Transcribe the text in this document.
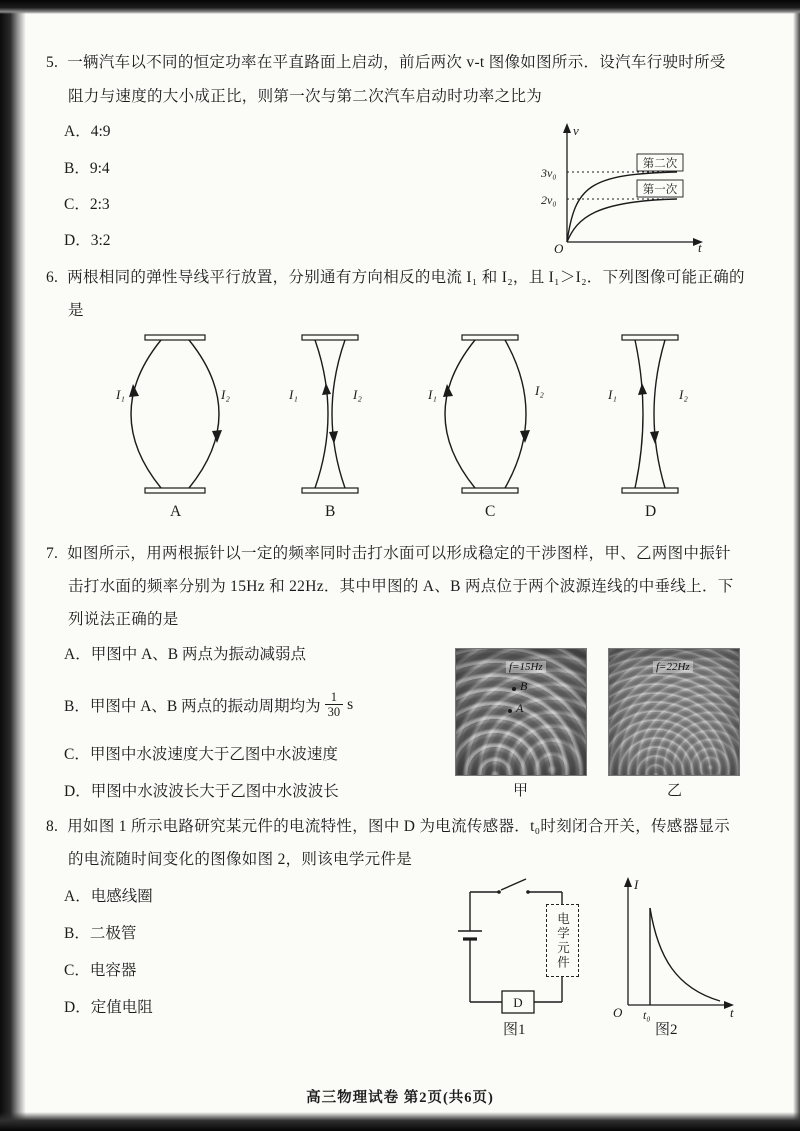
5. 一辆汽车以不同的恒定功率在平直路面上启动，前后两次 v-t 图像如图所示．设汽车行驶时所受
阻力与速度的大小成正比，则第一次与第二次汽车启动时功率之比为
A．4:9
B．9:4
C．2:3
D．3:2
v
t
O
3v₀
2v₀
第二次
第一次
6. 两根相同的弹性导线平行放置，分别通有方向相反的电流 I₁ 和 I₂，且 I₁＞I₂．下列图像可能正确的
是
I₁	I₂	I₁	I₂	I₁	I₂	I₁	I₂
A	B	C	D
7. 如图所示，用两根振针以一定的频率同时击打水面可以形成稳定的干涉图样，甲、乙两图中振针
击打水面的频率分别为 15Hz 和 22Hz．其中甲图的 A、B 两点位于两个波源连线的中垂线上．下
列说法正确的是
A．甲图中 A、B 两点为振动减弱点
B．甲图中 A、B 两点的振动周期均为 $\frac{1}{30}$ s
C．甲图中水波速度大于乙图中水波速度
D．甲图中水波波长大于乙图中水波波长
f=15Hz
B
A
f=22Hz
甲	乙
8. 用如图 1 所示电路研究某元件的电流特性，图中 D 为电流传感器．t₀时刻闭合开关，传感器显示
的电流随时间变化的图像如图 2，则该电学元件是
A．电感线圈
B．二极管
C．电容器
D．定值电阻	D
电学元件
图1
I
t
O t₀
图2
高三物理试卷 第2页(共6页)
